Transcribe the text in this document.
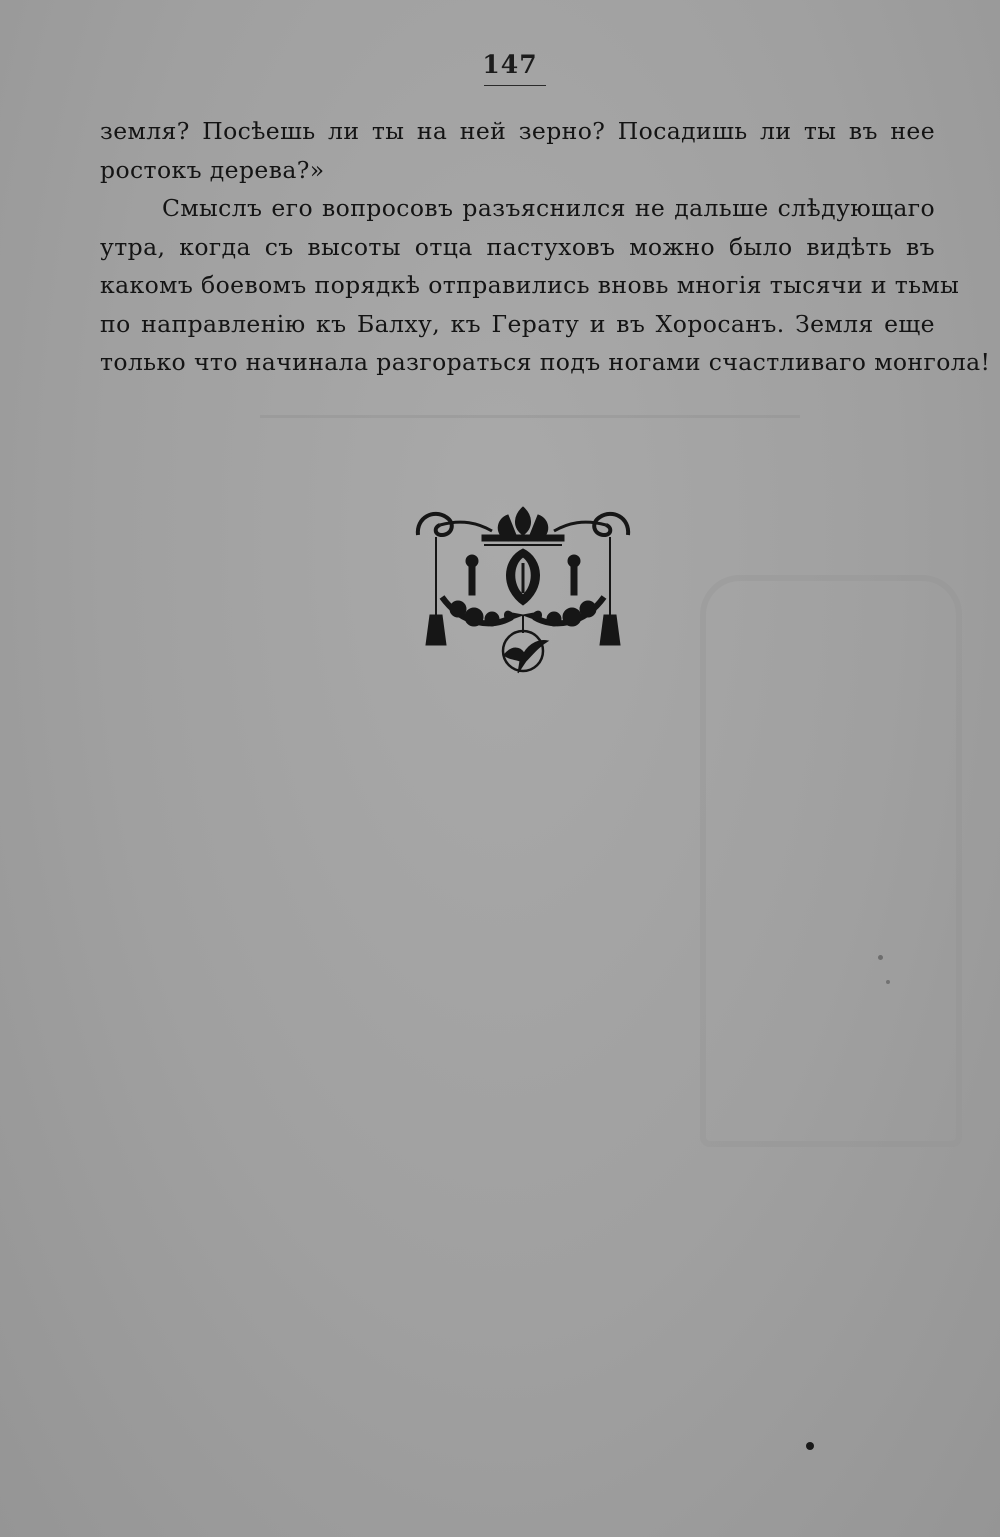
147
земля? Посѣешь ли ты на ней зерно? Посадишь ли ты въ нее
ростокъ дерева?»
Смыслъ его вопросовъ разъяснился не дальше слѣдующаго
утра, когда съ высоты отца пастуховъ можно было видѣть въ
какомъ боевомъ порядкѣ отправились вновь многія тысячи и тьмы
по направленію къ Балху, къ Герату и въ Хоросанъ. Земля еще
только что начинала разгораться подъ ногами счастливаго монгола!
